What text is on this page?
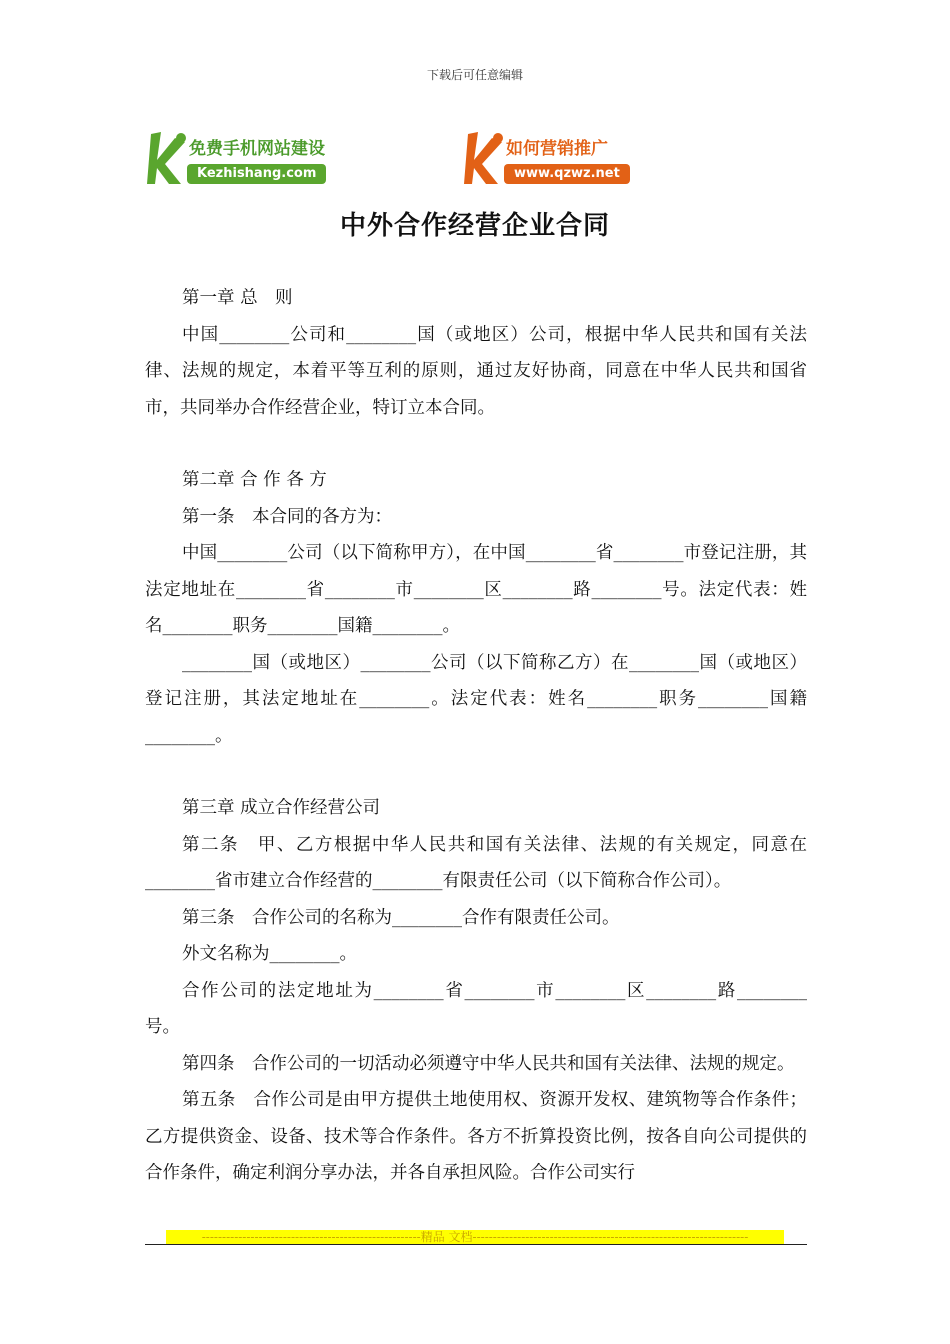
下载后可任意编辑
免费手机网站建设
Kezhishang.com
如何营销推广
www.qzwz.net
中外合作经营企业合同

第一章 总　则

中国________公司和________国（或地区）公司，根据中华人民共和国有关法律、法规的规定，本着平等互利的原则，通过友好协商，同意在中华人民共和国省市，共同举办合作经营企业，特订立本合同。

第二章 合 作 各 方

第一条　本合同的各方为：

中国________公司（以下简称甲方），在中国________省________市登记注册，其法定地址在________省________市________区________路________号。法定代表：姓名________职务________国籍________。

________国（或地区）________公司（以下简称乙方）在________国（或地区）登记注册，其法定地址在________。法定代表：姓名________职务________国籍________。

第三章 成立合作经营公司

第二条　甲、乙方根据中华人民共和国有关法律、法规的有关规定，同意在________省市建立合作经营的________有限责任公司（以下简称合作公司）。

第三条　合作公司的名称为________合作有限责任公司。

外文名称为________。

合作公司的法定地址为________省________市________区________路________号。

第四条　合作公司的一切活动必须遵守中华人民共和国有关法律、法规的规定。

第五条　合作公司是由甲方提供土地使用权、资源开发权、建筑物等合作条件；乙方提供资金、设备、技术等合作条件。各方不折算投资比例，按各自向公司提供的合作条件，确定利润分享办法，并各自承担风险。合作公司实行

------------------------------------------------------精品 文档--------------------------------------------------------------------
